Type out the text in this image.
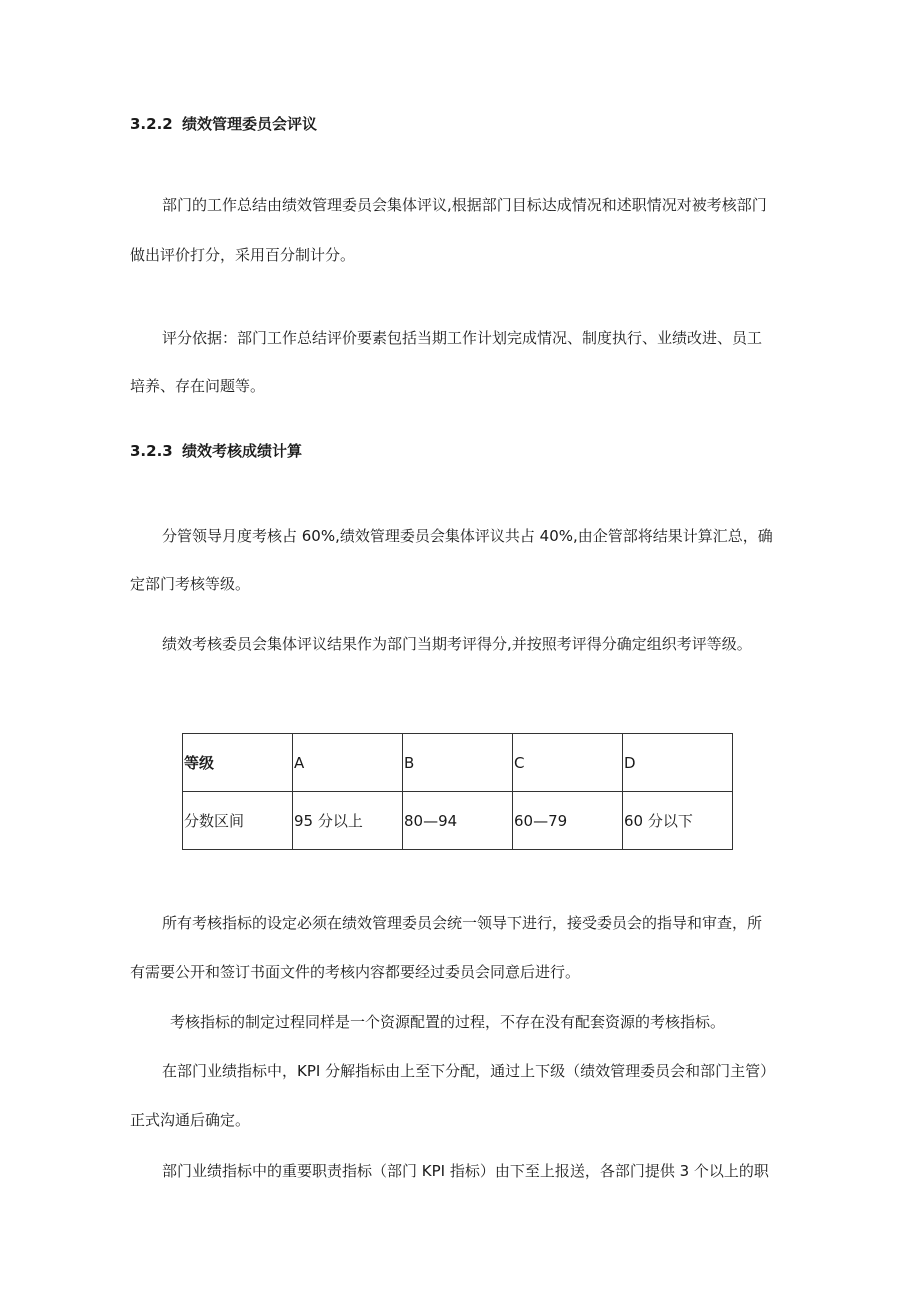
3.2.2 绩效管理委员会评议
部门的工作总结由绩效管理委员会集体评议,根据部门目标达成情况和述职情况对被考核部门
做出评价打分，采用百分制计分。
评分依据：部门工作总结评价要素包括当期工作计划完成情况、制度执行、业绩改进、员工
培养、存在问题等。
3.2.3 绩效考核成绩计算
分管领导月度考核占 60%,绩效管理委员会集体评议共占 40%,由企管部将结果计算汇总，确
定部门考核等级。
绩效考核委员会集体评议结果作为部门当期考评得分,并按照考评得分确定组织考评等级。
等级	A	B	C	D
分数区间	95 分以上	80—94	60—79	60 分以下
所有考核指标的设定必须在绩效管理委员会统一领导下进行，接受委员会的指导和审查，所
有需要公开和签订书面文件的考核内容都要经过委员会同意后进行。
考核指标的制定过程同样是一个资源配置的过程，不存在没有配套资源的考核指标。
在部门业绩指标中，KPI 分解指标由上至下分配，通过上下级（绩效管理委员会和部门主管）
正式沟通后确定。
部门业绩指标中的重要职责指标（部门 KPI 指标）由下至上报送，各部门提供 3 个以上的职
